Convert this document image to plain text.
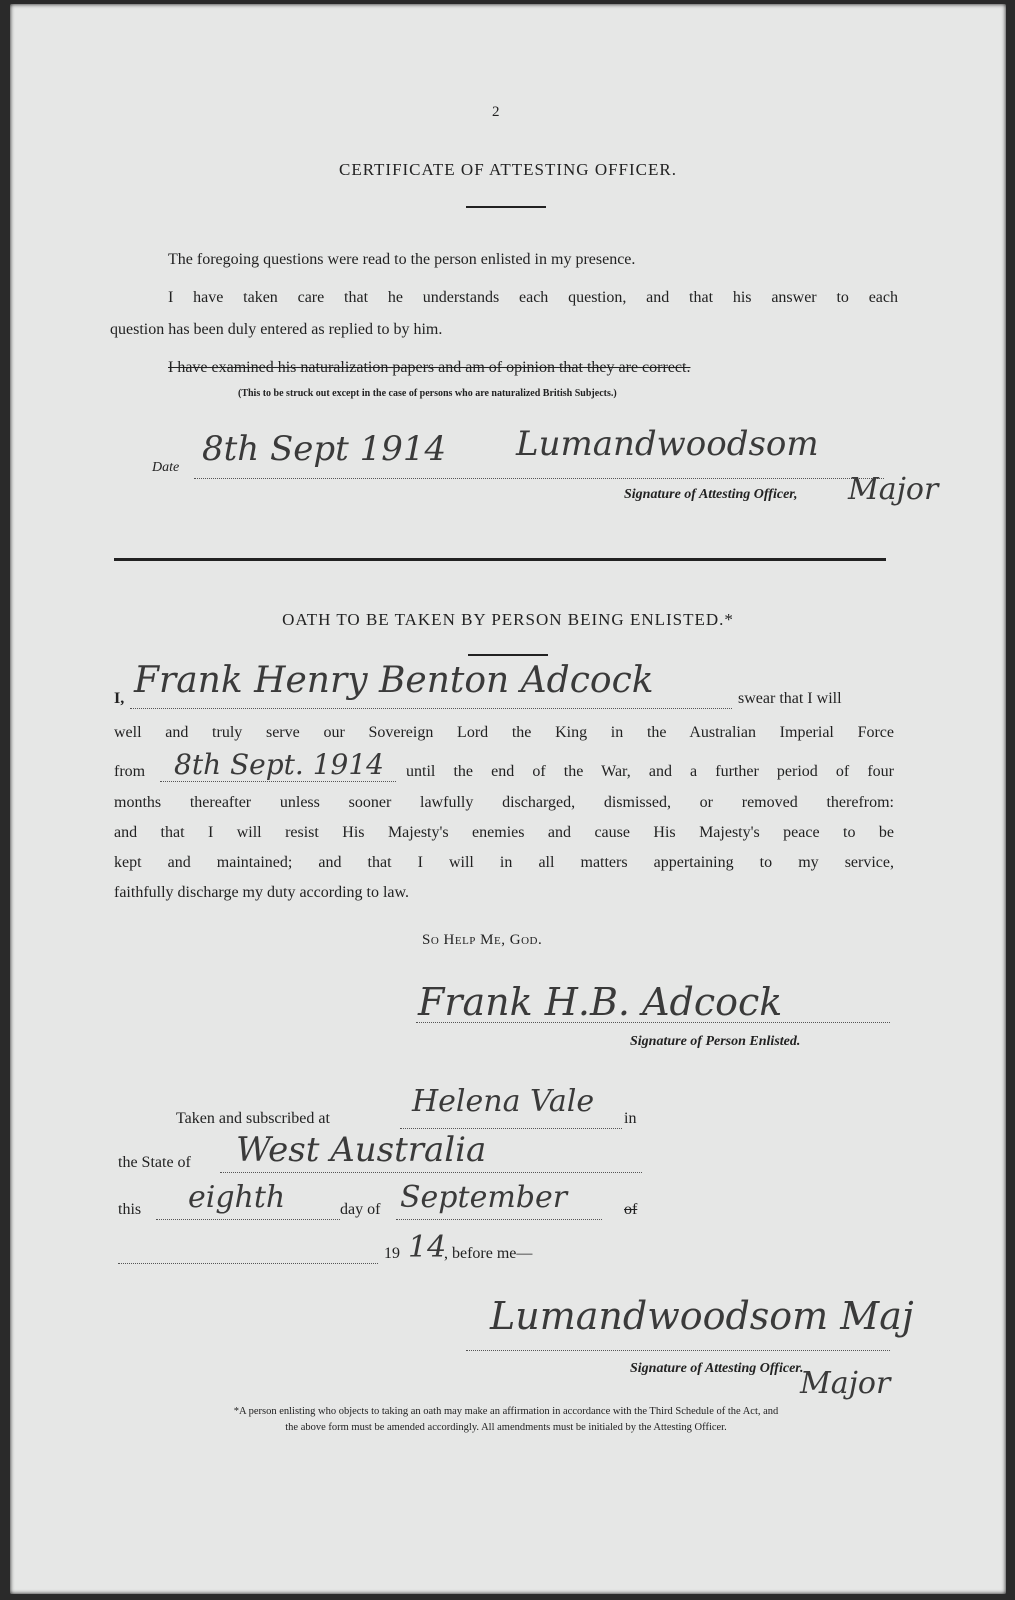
2
CERTIFICATE OF ATTESTING OFFICER.
The foregoing questions were read to the person enlisted in my presence.
I have taken care that he understands each question, and that his answer to each
question has been duly entered as replied to by him.
I have examined his naturalization papers and am of opinion that they are correct.
(This to be struck out except in the case of persons who are naturalized British Subjects.)
Date 8th Sept 1914 Lumandwoodsom
Signature of Attesting Officer, Major
OATH TO BE TAKEN BY PERSON BEING ENLISTED.*
I, Frank Henry Benton Adcock	swear that I will
well and truly serve our Sovereign Lord the King in the Australian Imperial Force
from 8th Sept. 1914 until the end of the War, and a further period of four
months thereafter unless sooner lawfully discharged, dismissed, or removed therefrom:
and that I will resist His Majesty's enemies and cause His Majesty's peace to be
kept and maintained; and that I will in all matters appertaining to my service,
faithfully discharge my duty according to law.
So Help Me, God.
Frank H.B. Adcock
Signature of Person Enlisted.
Taken and subscribed at	Helena Vale in
the State of West Australia
this eighth	day of September	of
19 14
, before me—
Lumandwoodsom Maj
Signature of Attesting Officer.
Major
*A person enlisting who objects to taking an oath may make an affirmation in accordance with the Third Schedule of the Act, and
the above form must be amended accordingly. All amendments must be initialed by the Attesting Officer.
